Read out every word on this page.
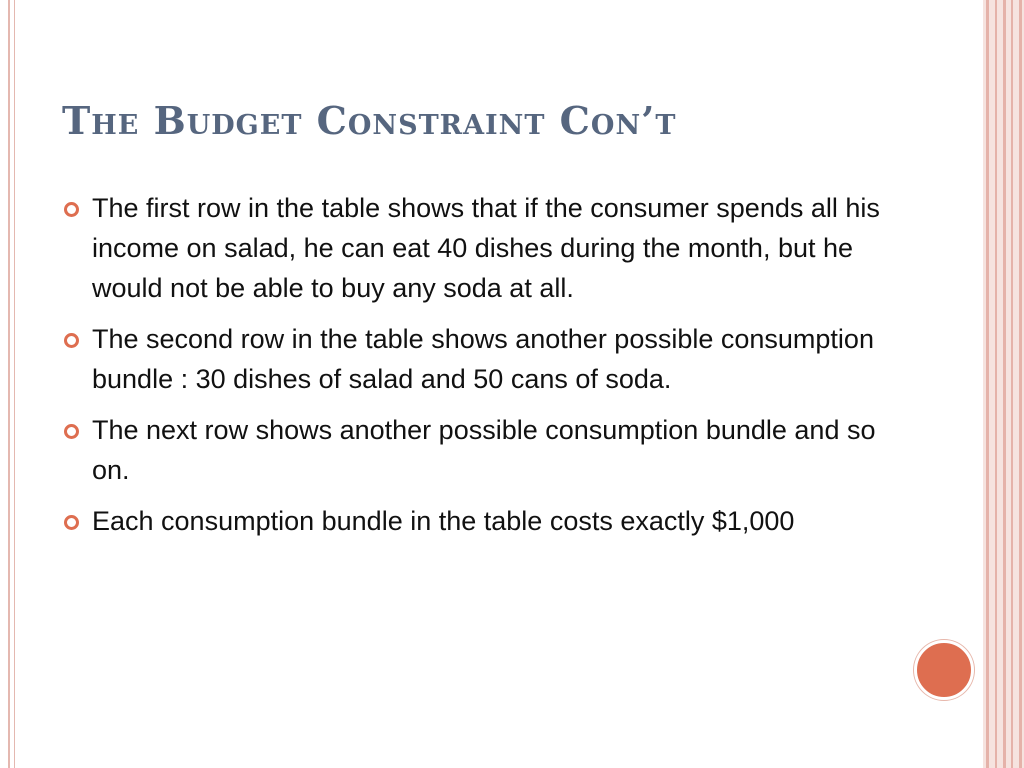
The Budget Constraint Con’t
The first row in the table shows that if the consumer spends all his income on salad, he can eat 40 dishes during the month, but he would not be able to buy any soda at all.
The second row in the table shows another possible consumption bundle : 30 dishes of salad and 50 cans of soda.
The next row shows another possible consumption bundle and so on.
Each consumption bundle in the table costs exactly $1,000
